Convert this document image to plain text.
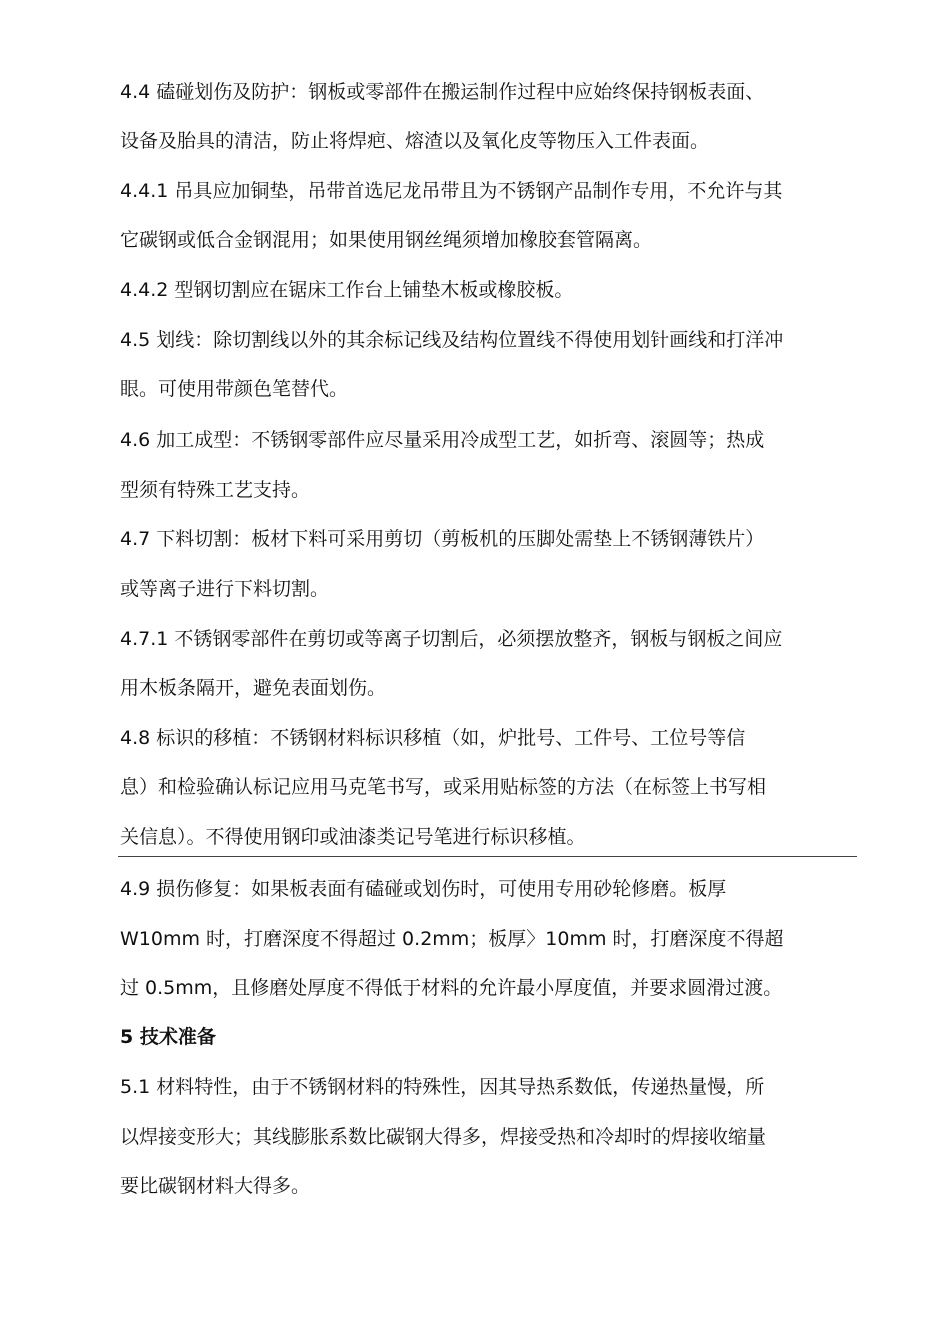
4.4 磕碰划伤及防护：钢板或零部件在搬运制作过程中应始终保持钢板表面、
设备及胎具的清洁，防止将焊疤、熔渣以及氧化皮等物压入工件表面。
4.4.1 吊具应加铜垫，吊带首选尼龙吊带且为不锈钢产品制作专用，不允许与其
它碳钢或低合金钢混用；如果使用钢丝绳须增加橡胶套管隔离。
4.4.2 型钢切割应在锯床工作台上铺垫木板或橡胶板。
4.5 划线：除切割线以外的其余标记线及结构位置线不得使用划针画线和打洋冲
眼。可使用带颜色笔替代。
4.6 加工成型：不锈钢零部件应尽量采用冷成型工艺，如折弯、滚圆等；热成
型须有特殊工艺支持。
4.7 下料切割：板材下料可采用剪切（剪板机的压脚处需垫上不锈钢薄铁片）
或等离子进行下料切割。
4.7.1 不锈钢零部件在剪切或等离子切割后，必须摆放整齐，钢板与钢板之间应
用木板条隔开，避免表面划伤。
4.8 标识的移植：不锈钢材料标识移植（如，炉批号、工件号、工位号等信
息）和检验确认标记应用马克笔书写，或采用贴标签的方法（在标签上书写相
关信息）。不得使用钢印或油漆类记号笔进行标识移植。
4.9 损伤修复：如果板表面有磕碰或划伤时，可使用专用砂轮修磨。板厚
W10mm 时，打磨深度不得超过 0.2mm；板厚〉10mm 时，打磨深度不得超
过 0.5mm，且修磨处厚度不得低于材料的允许最小厚度值，并要求圆滑过渡。
5 技术准备
5.1 材料特性，由于不锈钢材料的特殊性，因其导热系数低，传递热量慢，所
以焊接变形大；其线膨胀系数比碳钢大得多，焊接受热和冷却时的焊接收缩量
要比碳钢材料大得多。
